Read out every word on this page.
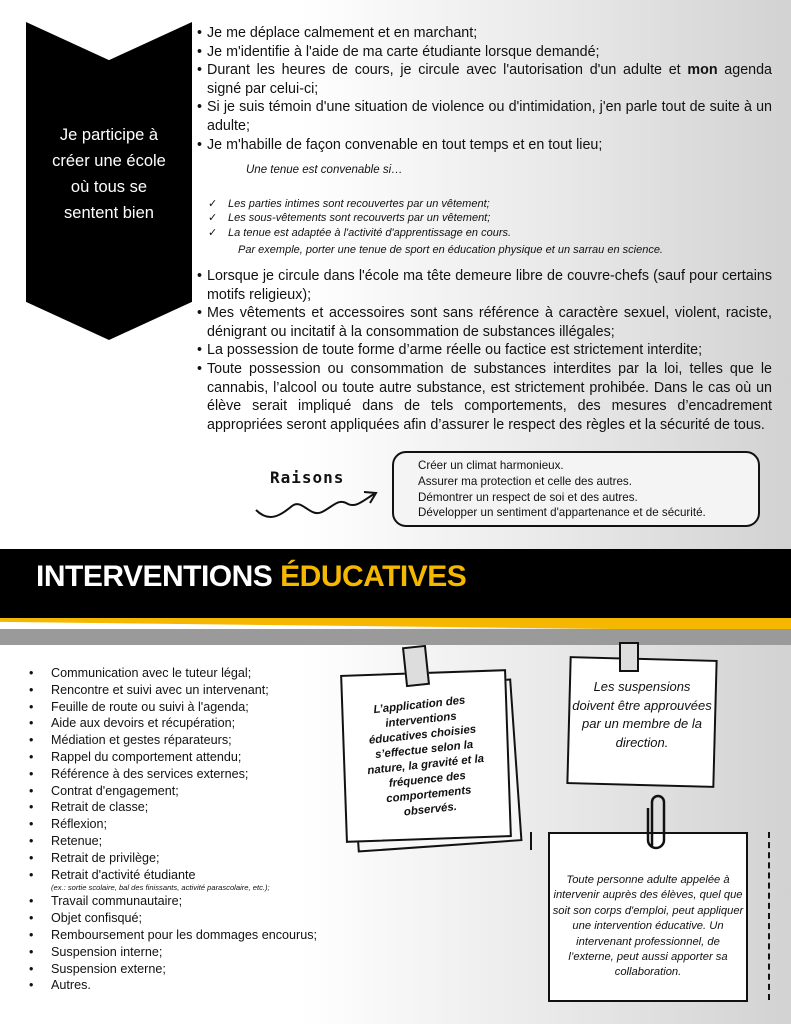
Je participe à
créer une école
où tous se
sentent bien
• Je me déplace calmement et en marchant;
• Je m'identifie à l'aide de ma carte étudiante lorsque demandé;
• Durant les heures de cours, je circule avec l'autorisation d'un adulte et mon agenda signé par celui-ci;
• Si je suis témoin d'une situation de violence ou d'intimidation, j'en parle tout de suite à un adulte;
• Je m'habille de façon convenable en tout temps et en tout lieu;
Une tenue est convenable si…
✓ Les parties intimes sont recouvertes par un vêtement;
✓ Les sous-vêtements sont recouverts par un vêtement;
✓ La tenue est adaptée à l'activité d'apprentissage en cours.
Par exemple, porter une tenue de sport en éducation physique et un sarrau en science.
• Lorsque je circule dans l'école ma tête demeure libre de couvre-chefs (sauf pour certains motifs religieux);
• Mes vêtements et accessoires sont sans référence à caractère sexuel, violent, raciste, dénigrant ou incitatif à la consommation de substances illégales;
• La possession de toute forme d’arme réelle ou factice est strictement interdite;
• Toute possession ou consommation de substances interdites par la loi, telles que le cannabis, l’alcool ou toute autre substance, est strictement prohibée. Dans le cas où un élève serait impliqué dans de tels comportements, des mesures d’encadrement appropriées seront appliquées afin d’assurer le respect des règles et la sécurité de tous.
Raisons
Créer un climat harmonieux.
Assurer ma protection et celle des autres.
Démontrer un respect de soi et des autres.
Développer un sentiment d'appartenance et de sécurité.
INTERVENTIONS ÉDUCATIVES
• Communication avec le tuteur légal;
• Rencontre et suivi avec un intervenant;
• Feuille de route ou suivi à l'agenda;
• Aide aux devoirs et récupération;
• Médiation et gestes réparateurs;
• Rappel du comportement attendu;
• Référence à des services externes;
• Contrat d'engagement;
• Retrait de classe;
• Réflexion;
• Retenue;
• Retrait de privilège;
• Retrait d'activité étudiante
(ex.: sortie scolaire, bal des finissants, activité parascolaire, etc.);
• Travail communautaire;
• Objet confisqué;
• Remboursement pour les dommages encourus;
• Suspension interne;
• Suspension externe;
• Autres.
L’application des interventions éducatives choisies s’effectue selon la nature, la gravité et la fréquence des comportements observés.
Les suspensions doivent être approuvées par un membre de la direction.
Toute personne adulte appelée à intervenir auprès des élèves, quel que soit son corps d'emploi, peut appliquer une intervention éducative. Un intervenant professionnel, de l’externe, peut aussi apporter sa collaboration.
